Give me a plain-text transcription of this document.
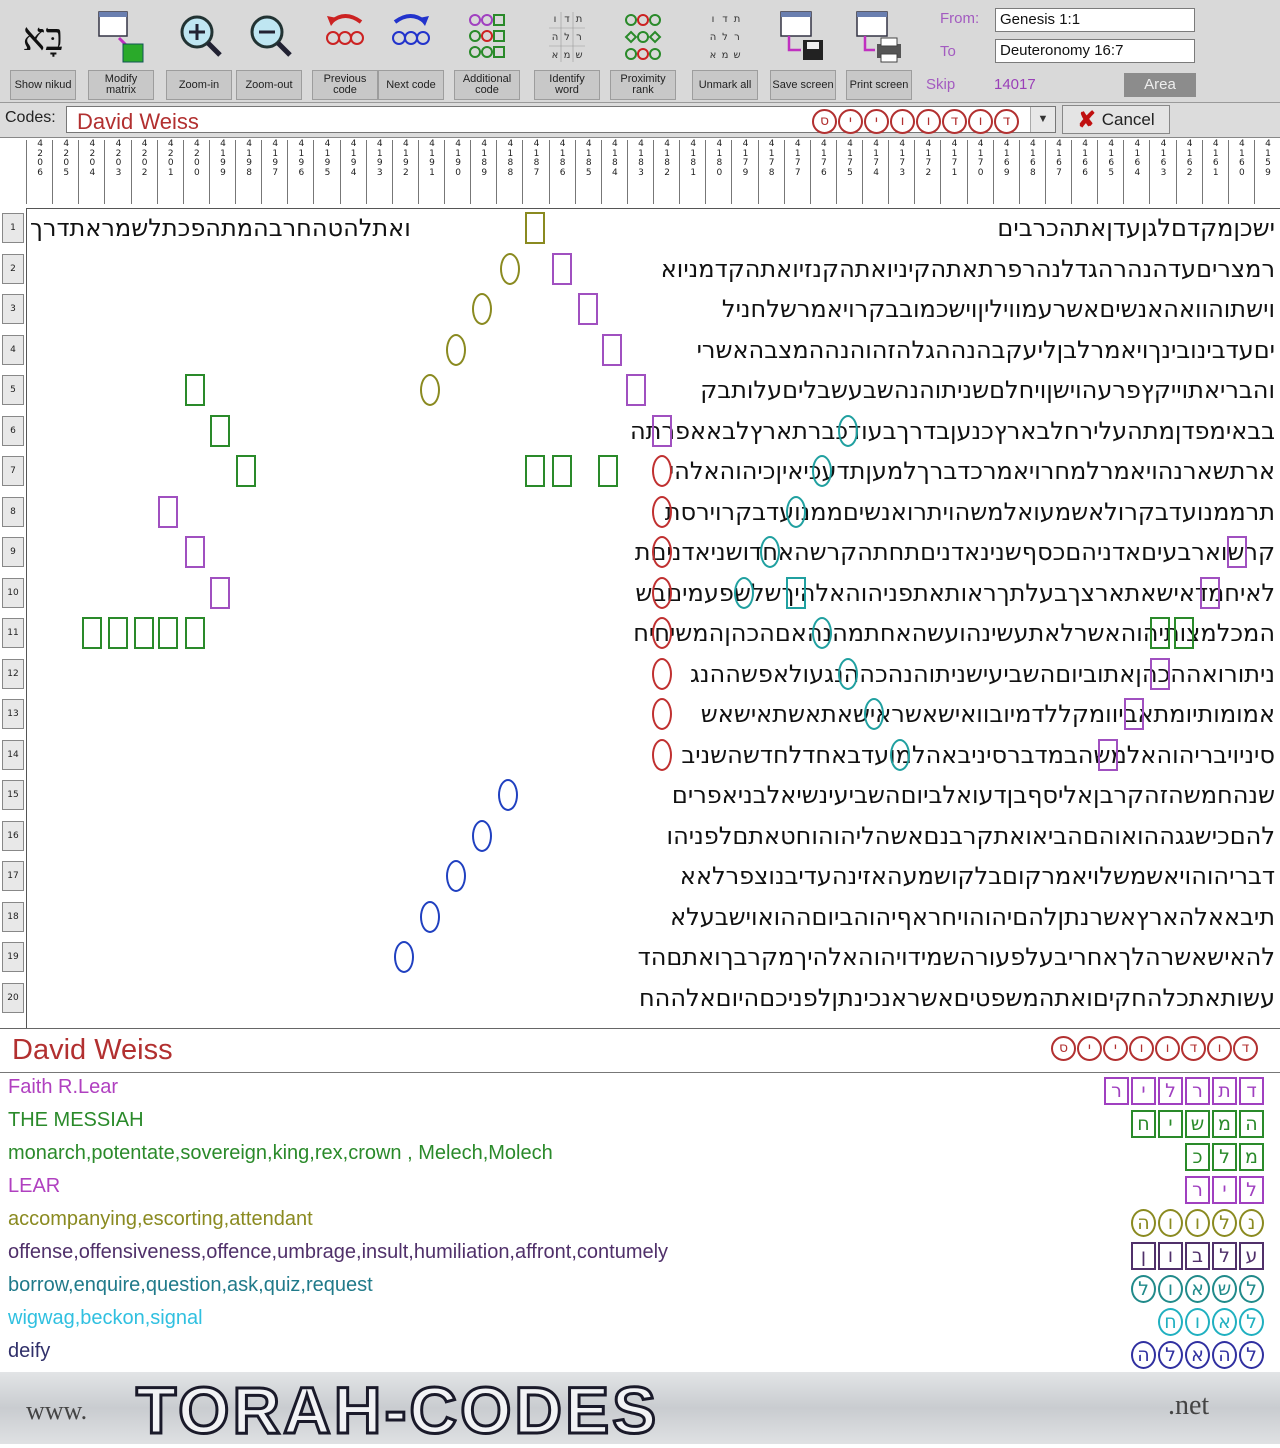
בָּא
Show nikud	Modify matrix	Zoom-in	Zoom-out	Previous code	Next code	Additional code
ו ד ת
ה ל ר
א מ ש
Identify word
Proximity rank
ו ד ת
ה ל ר
א מ ש
Unmark all	Save screen	Print screen
From:	Genesis 1:1
To	Deuteronomy 16:7
Skip	14017	Area
Codes: David Weiss	ס	י	י	ו	ו	ד	ו	ד	▼ ✘ Cancel
4
2
0
6
4
2
0
5
4
2
0
4
4
2
0
3
4
2
0
2
4
2
0
1
4
2
0
0
4
1
9
9
4
1
9
8
4
1
9
7
4
1
9
6
4
1
9
5
4
1
9
4
4
1
9
3
4
1
9
2
4
1
9
1
4
1
9
0
4
1
8
9
4
1
8
8
4
1
8
7
4
1
8
6
4
1
8
5
4
1
8
4
4
1
8
3
4
1
8
2
4
1
8
1
4
1
8
0
4
1
7
9
4
1
7
8
4
1
7
7
4
1
7
6
4
1
7
5
4
1
7
4
4
1
7
3
4
1
7
2
4
1
7
1
4
1
7
0
4
1
6
9
4
1
6
8
4
1
6
7
4
1
6
6
4
1
6
5
4
1
6
4
4
1
6
3
4
1
6
2
4
1
6
1
4
1
6
0
4
1
5
9
1
2
3
4
5
6
7
8
9
10
11
12
13
14
15
16
17
18
19
20
ישכןמקדםלגןעדןאתהכרבים ואתלהטהחרבהמתהפכתלשמראתדרך
רמצריםעדהנהרהגדלנהרפרתאתהקיניואתהקנזיואתהקדמניוא
וישתוהוואהאנשיםאשרעמוויליןוישכמובבקרויאמרשלחניל
יםעדבינובינךויאמרלבןליעקבהנההגלהזהוהנההמצבהאשרי
והבריאתוייקץפרעהוישןויחלםשניתוהנהשבעשבליםעלותבק
בבאימפדןמתהעלירחלבארץכנעןבדרךבעודכברתארץלבאאפרתה
ארתשארנהויאמרלמחרויאמרכדברךלמעןתדעכיאיןכיהוהאלהי
תרממנועדבקרולאשמעואלמשהויתרואנשיםממנועדבקרוירסת
קרשוארבעיםאדניהםכסףשנינאדניםתחתהקרשהאחדושניאדניםת
לאיחמדאישאתארצךבעלתךראותאתפניהוהאלהיךשלשפעמיםבש
המכלמצותיהוהאשרלאתעשינהועשהאחתמהנהאםהכהןהמשיחיח
ניתורואההכהןאתוביוםהשביעישניתוהנהכההנגעולאפשההנג
אמומותיומתאביוומקללדמיובוואישאשראישאתאשתאישאש
סיניויבריהוהאלמשהבמדברסיניבאהלמועדבאחדלחדשהשניב
שנהחמשהזהקרבןאליסףבןדעואלביוםהשביעינשיאלבניאפרים
להםכישגגההואוהםהביאואתקרבנםאשהליהוהוחטאתםלפניהו
דבריהוהויאשמשלויאמרקוםבלקושמעהאזינהעדיבנוצפרלאא
תיבאאלהארץאשרנתןלהםיהוהויחראףיהוהביוםההואוישבעלא
להאישאשרהלךאחריבעלפעורהשמידויהוהאלהיךמקרבךואתםהד
עשותאתכלהחקיםואתהמשפטיםאשראנכינתןלפניכםהיוםאלההח
David Weiss	ס	י	י	ו	ו	ד	ו	ד
Faith R.Lear	ר	י	ל ר ת ד
THE MESSIAH	ח י ש מ ה
monarch,potentate,sovereign,king,rex,crown , Melech,Molech	כ ל מ
LEAR	ר	י	ל
accompanying,escorting,attendant	ה ו	ו	ל נ
offense,offensiveness,offence,umbrage,insult,humiliation,affront,contumely	ן	ו ב ל ע
borrow,enquire,question,ask,quiz,request	ל	ו א ש ל
wigwag,beckon,signal	ח ו א ל
deify	ה ל א ה ל
www. TORAH-CODES	.net
